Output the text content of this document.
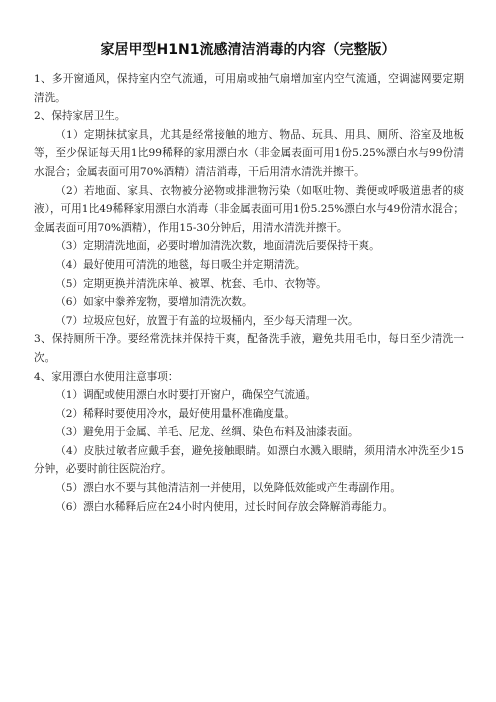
家居甲型H1N1流感清洁消毒的内容（完整版）

1、多开窗通风，保持室内空气流通，可用扇或抽气扇增加室内空气流通，空调滤网要定期清洗。

2、保持家居卫生。

（1）定期抹拭家具，尤其是经常接触的地方、物品、玩具、用具、厕所、浴室及地板等，至少保证每天用1比99稀释的家用漂白水（非金属表面可用1份5.25%漂白水与99份清水混合；金属表面可用70%酒精）清洁消毒，干后用清水清洗并擦干。

（2）若地面、家具、衣物被分泌物或排泄物污染（如呕吐物、粪便或呼吸道患者的痰液），可用1比49稀释家用漂白水消毒（非金属表面可用1份5.25%漂白水与49份清水混合；金属表面可用70%酒精），作用15-30分钟后，用清水清洗并擦干。

（3）定期清洗地面，必要时增加清洗次数，地面清洗后要保持干爽。

（4）最好使用可清洗的地毯，每日吸尘并定期清洗。

（5）定期更换并清洗床单、被罩、枕套、毛巾、衣物等。

（6）如家中豢养宠物，要增加清洗次数。

（7）垃圾应包好，放置于有盖的垃圾桶内，至少每天清理一次。

3、保持厕所干净。要经常洗抹并保持干爽，配备洗手液，避免共用毛巾，每日至少清洗一次。

4、家用漂白水使用注意事项：

（1）调配或使用漂白水时要打开窗户，确保空气流通。

（2）稀释时要使用冷水，最好使用量杯准确度量。

（3）避免用于金属、羊毛、尼龙、丝绸、染色布料及油漆表面。

（4）皮肤过敏者应戴手套，避免接触眼睛。如漂白水溅入眼睛，须用清水冲洗至少15分钟，必要时前往医院治疗。

（5）漂白水不要与其他清洁剂一并使用，以免降低效能或产生毒副作用。

（6）漂白水稀释后应在24小时内使用，过长时间存放会降解消毒能力。
